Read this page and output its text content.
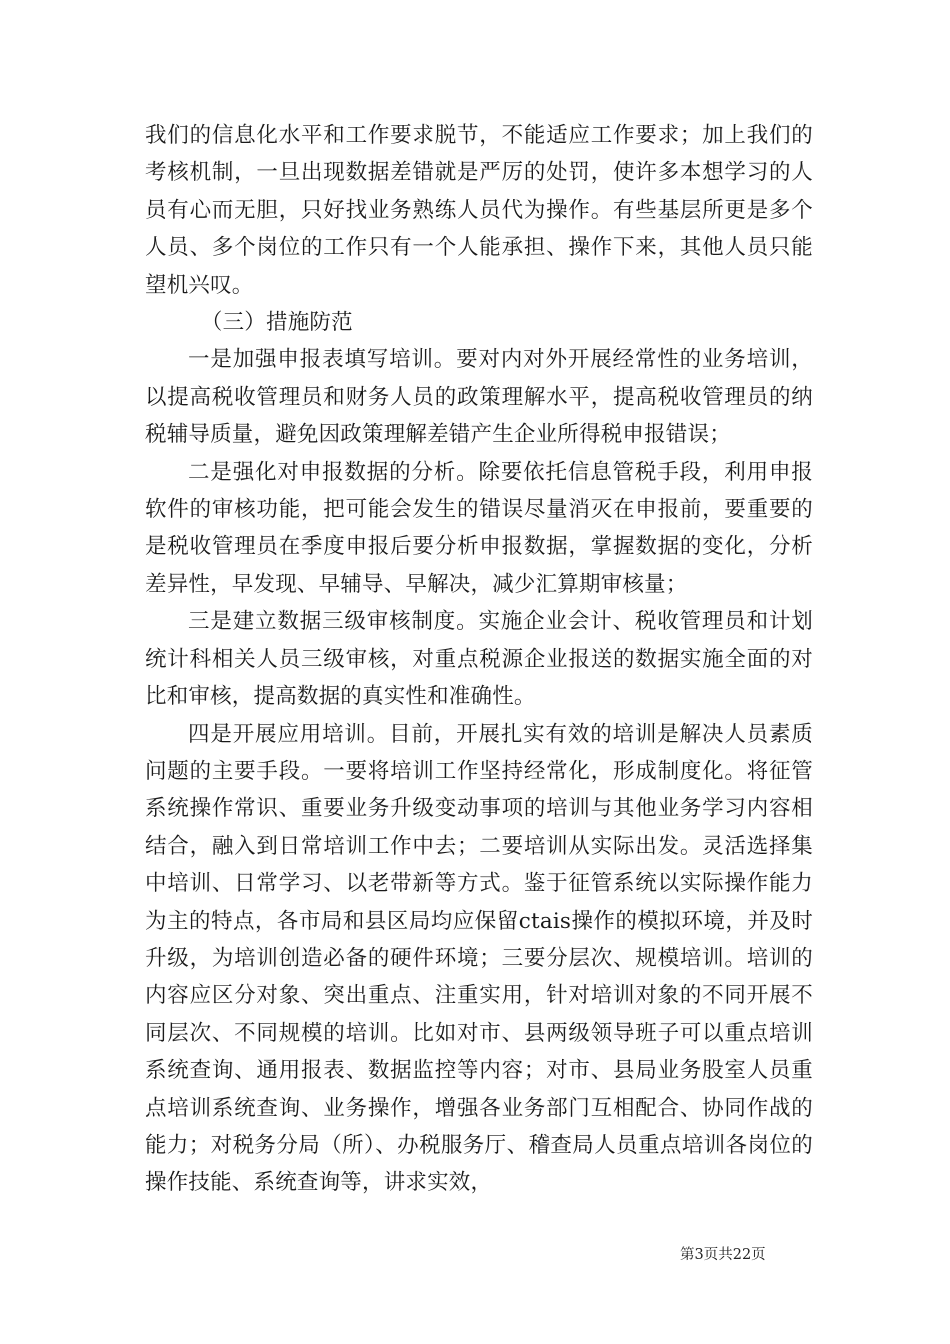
我们的信息化水平和工作要求脱节，不能适应工作要求；加上我们的考核机制，一旦出现数据差错就是严厉的处罚，使许多本想学习的人员有心而无胆，只好找业务熟练人员代为操作。有些基层所更是多个人员、多个岗位的工作只有一个人能承担、操作下来，其他人员只能望机兴叹。

（三）措施防范

一是加强申报表填写培训。要对内对外开展经常性的业务培训，以提高税收管理员和财务人员的政策理解水平，提高税收管理员的纳税辅导质量，避免因政策理解差错产生企业所得税申报错误；

二是强化对申报数据的分析。除要依托信息管税手段，利用申报软件的审核功能，把可能会发生的错误尽量消灭在申报前，要重要的是税收管理员在季度申报后要分析申报数据，掌握数据的变化，分析差异性，早发现、早辅导、早解决，减少汇算期审核量；

三是建立数据三级审核制度。实施企业会计、税收管理员和计划统计科相关人员三级审核，对重点税源企业报送的数据实施全面的对比和审核，提高数据的真实性和准确性。

四是开展应用培训。目前，开展扎实有效的培训是解决人员素质问题的主要手段。一要将培训工作坚持经常化，形成制度化。将征管系统操作常识、重要业务升级变动事项的培训与其他业务学习内容相结合，融入到日常培训工作中去；二要培训从实际出发。灵活选择集中培训、日常学习、以老带新等方式。鉴于征管系统以实际操作能力为主的特点，各市局和县区局均应保留ctais操作的模拟环境，并及时升级，为培训创造必备的硬件环境；三要分层次、规模培训。培训的内容应区分对象、突出重点、注重实用，针对培训对象的不同开展不同层次、不同规模的培训。比如对市、县两级领导班子可以重点培训系统查询、通用报表、数据监控等内容；对市、县局业务股室人员重点培训系统查询、业务操作，增强各业务部门互相配合、协同作战的能力；对税务分局（所）、办税服务厅、稽查局人员重点培训各岗位的操作技能、系统查询等，讲求实效，

第3页共22页
